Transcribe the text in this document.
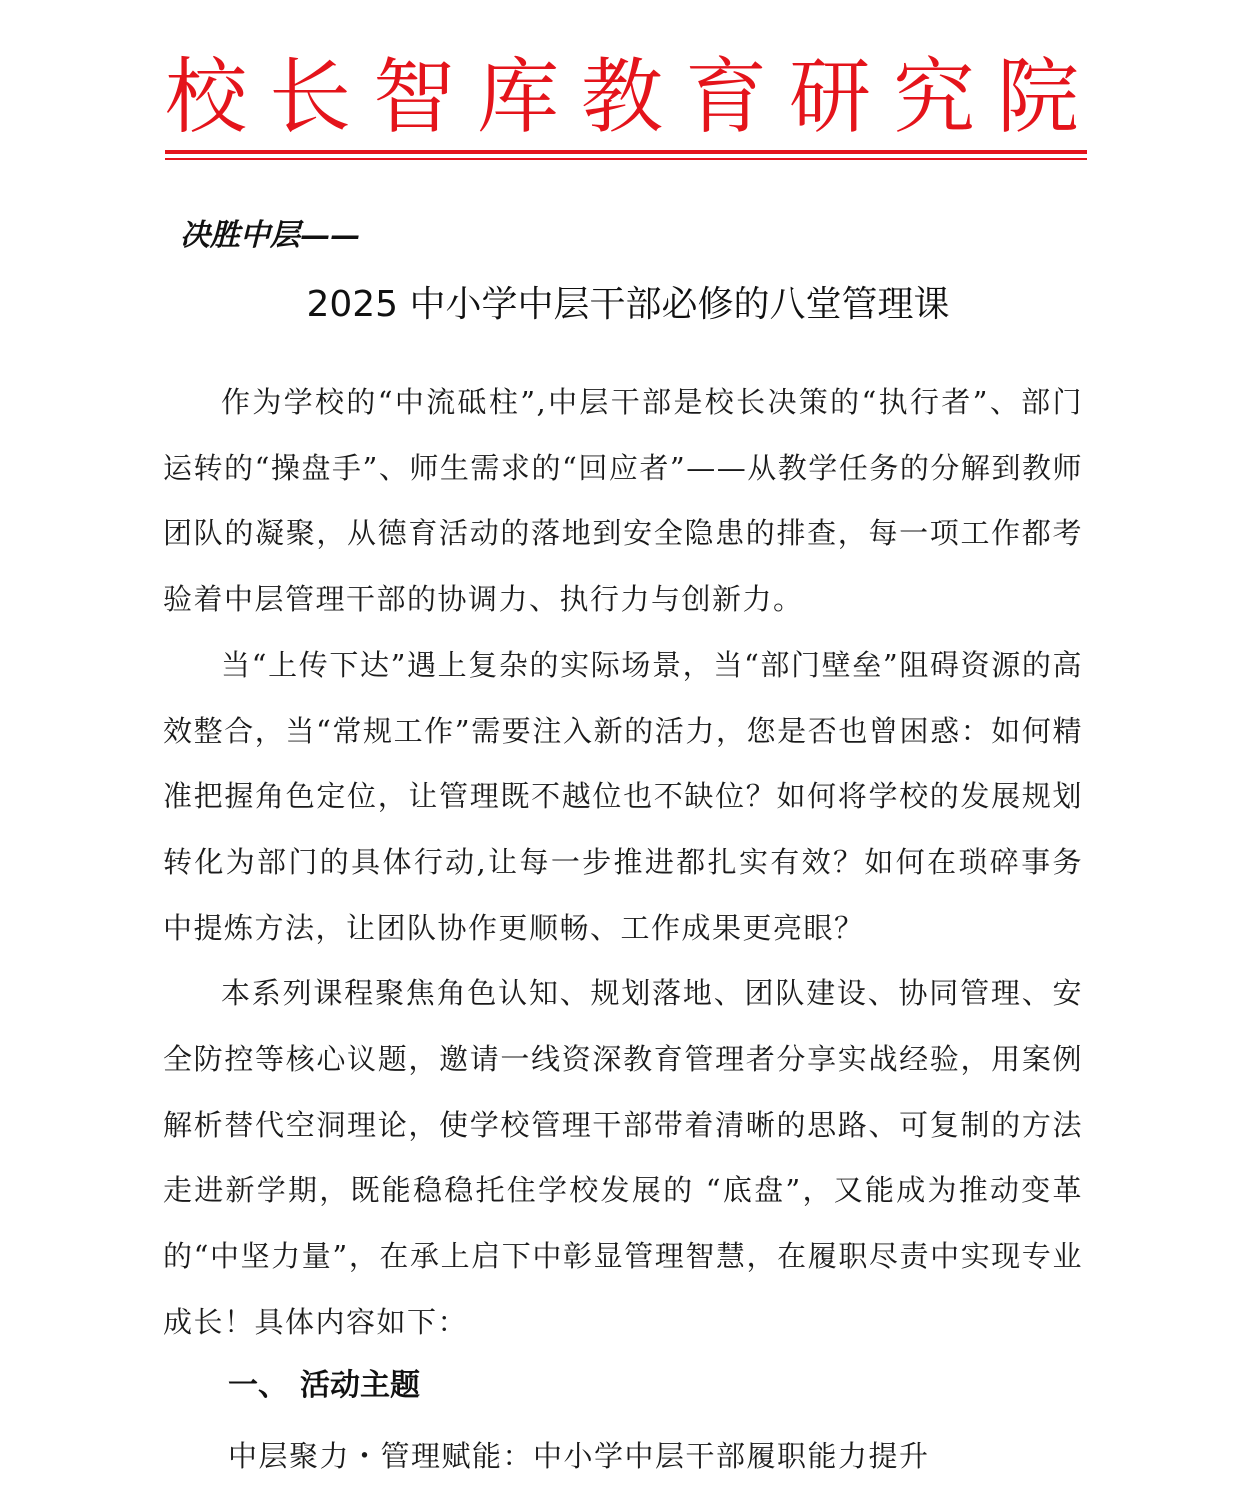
校长智库教育研究院
决胜中层——
2025 中小学中层干部必修的八堂管理课

作为学校的“中流砥柱”,中层干部是校长决策的“执行者”、部门运转的“操盘手”、师生需求的“回应者”——从教学任务的分解到教师团队的凝聚，从德育活动的落地到安全隐患的排查，每一项工作都考验着中层管理干部的协调力、执行力与创新力。

当“上传下达”遇上复杂的实际场景，当“部门壁垒”阻碍资源的高效整合，当“常规工作”需要注入新的活力，您是否也曾困惑：如何精准把握角色定位，让管理既不越位也不缺位？如何将学校的发展规划转化为部门的具体行动,让每一步推进都扎实有效？如何在琐碎事务中提炼方法，让团队协作更顺畅、工作成果更亮眼？

本系列课程聚焦角色认知、规划落地、团队建设、协同管理、安全防控等核心议题，邀请一线资深教育管理者分享实战经验，用案例解析替代空洞理论，使学校管理干部带着清晰的思路、可复制的方法走进新学期，既能稳稳托住学校发展的 “底盘”，又能成为推动变革的“中坚力量”，在承上启下中彰显管理智慧，在履职尽责中实现专业成长！具体内容如下：

一、 活动主题
中层聚力・管理赋能：中小学中层干部履职能力提升
